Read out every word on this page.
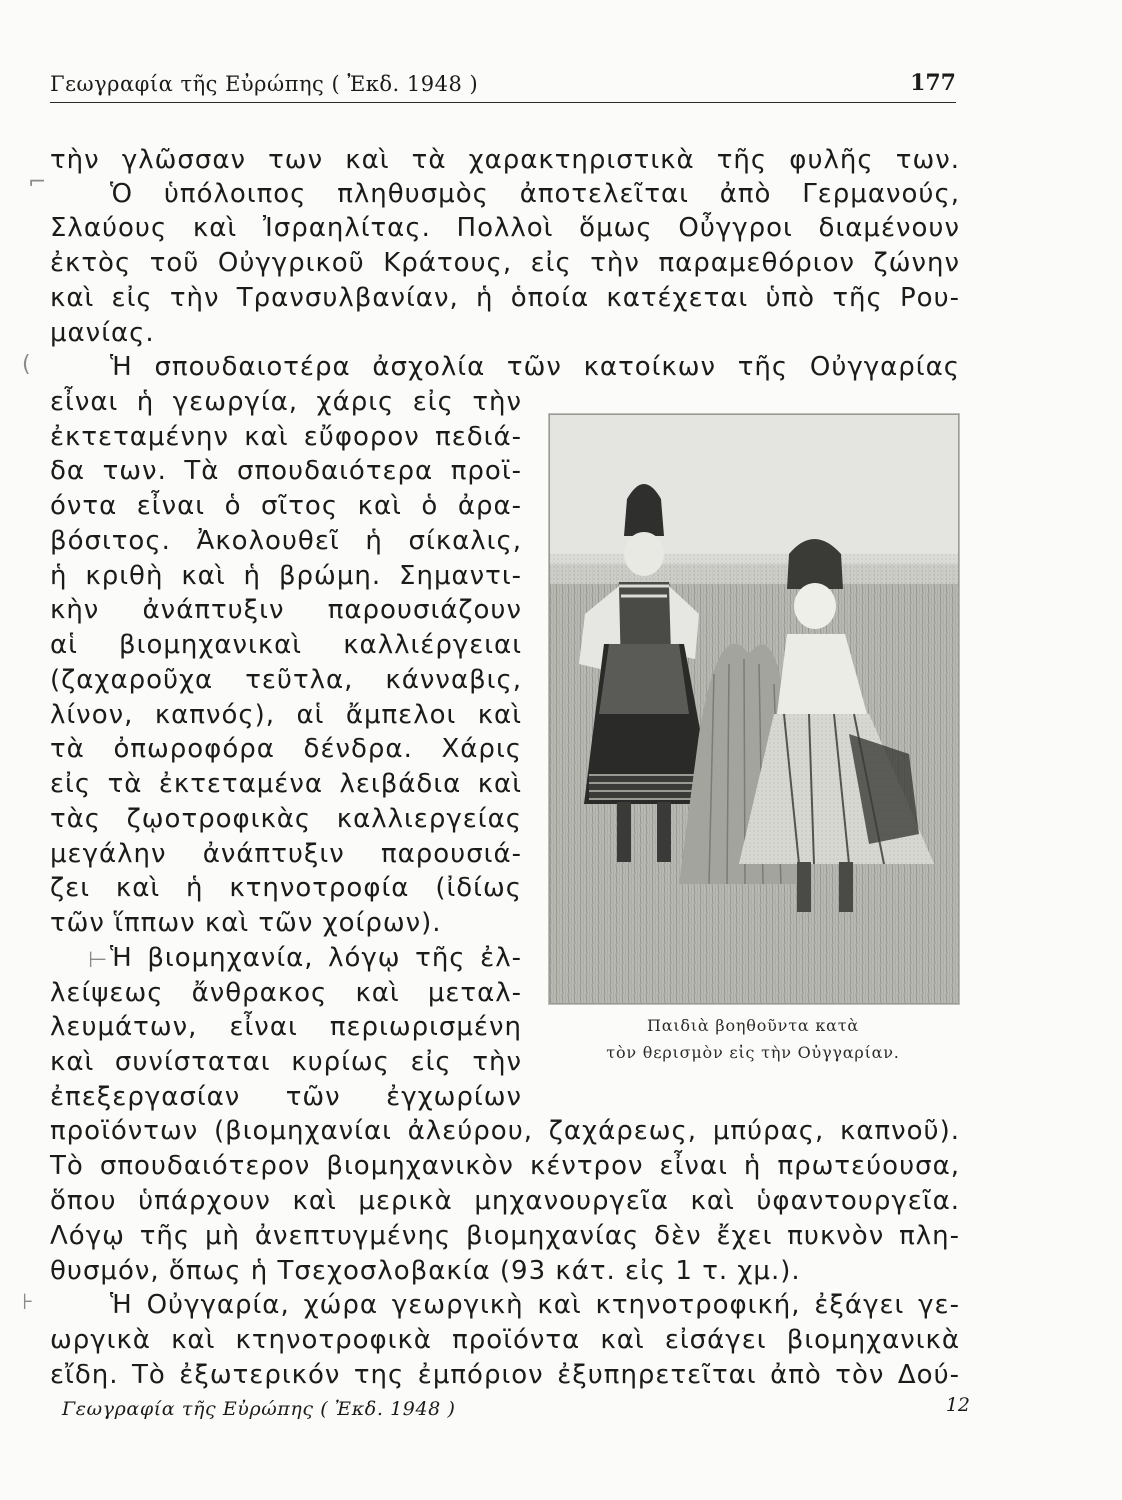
Γεωγραφία τῆς Εὐρώπης ( Ἐκδ. 1948 )	177
⌐
(
⊢
⊦
τὴν γλῶσσαν των καὶ τὰ χαρακτηριστικὰ τῆς φυλῆς των.
Ὁ ὑπόλοιπος πληθυσμὸς ἀποτελεῖται ἀπὸ Γερμανούς,
Σλαύους καὶ Ἰσραηλίτας. Πολλοὶ ὅμως Οὖγγροι διαμένουν
ἐκτὸς τοῦ Οὐγγρικοῦ Κράτους, εἰς τὴν παραμεθόριον ζώνην
καὶ εἰς τὴν Τρανσυλβανίαν, ἡ ὁποία κατέχεται ὑπὸ τῆς Ρου-
μανίας.
Ἡ σπουδαιοτέρα ἀσχολία τῶν κατοίκων τῆς Οὐγγαρίας
εἶναι ἡ γεωργία, χάρις εἰς τὴν
ἐκτεταμένην καὶ εὔφορον πεδιά-
δα των. Τὰ σπουδαιότερα προϊ-
όντα εἶναι ὁ σῖτος καὶ ὁ ἀρα-
βόσιτος. Ἀκολουθεῖ ἡ σίκαλις,
ἡ κριθὴ καὶ ἡ βρώμη. Σημαντι-
κὴν ἀνάπτυξιν παρουσιάζουν
αἱ βιομηχανικαὶ καλλιέργειαι
(ζαχαροῦχα τεῦτλα, κάνναβις,
λίνον, καπνός), αἱ ἄμπελοι καὶ
τὰ ὀπωροφόρα δένδρα. Χάρις
εἰς τὰ ἐκτεταμένα λειβάδια καὶ
τὰς ζῳοτροφικὰς καλλιεργείας
μεγάλην ἀνάπτυξιν παρουσιά-
ζει καὶ ἡ κτηνοτροφία (ἰδίως
τῶν ἵππων καὶ τῶν χοίρων).
Ἡ βιομηχανία, λόγῳ τῆς ἐλ-
λείψεως ἄνθρακος καὶ μεταλ-
λευμάτων, εἶναι περιωρισμένη
καὶ συνίσταται κυρίως εἰς τὴν
ἐπεξεργασίαν τῶν ἐγχωρίων
Παιδιὰ βοηθοῦντα κατὰ
τὸν θερισμὸν εἰς τὴν Οὐγγαρίαν.
προϊόντων (βιομηχανίαι ἀλεύρου, ζαχάρεως, μπύρας, καπνοῦ).
Τὸ σπουδαιότερον βιομηχανικὸν κέντρον εἶναι ἡ πρωτεύουσα,
ὅπου ὑπάρχουν καὶ μερικὰ μηχανουργεῖα καὶ ὑφαντουργεῖα.
Λόγῳ τῆς μὴ ἀνεπτυγμένης βιομηχανίας δὲν ἔχει πυκνὸν πλη-
θυσμόν, ὅπως ἡ Τσεχοσλοβακία (93 κάτ. εἰς 1 τ. χμ.).
Ἡ Οὐγγαρία, χώρα γεωργικὴ καὶ κτηνοτροφική, ἐξάγει γε-
ωργικὰ καὶ κτηνοτροφικὰ προϊόντα καὶ εἰσάγει βιομηχανικὰ
εἴδη. Τὸ ἐξωτερικόν της ἐμπόριον ἐξυπηρετεῖται ἀπὸ τὸν Δού-
Γεωγραφία τῆς Εὐρώπης ( Ἐκδ. 1948 )	12
